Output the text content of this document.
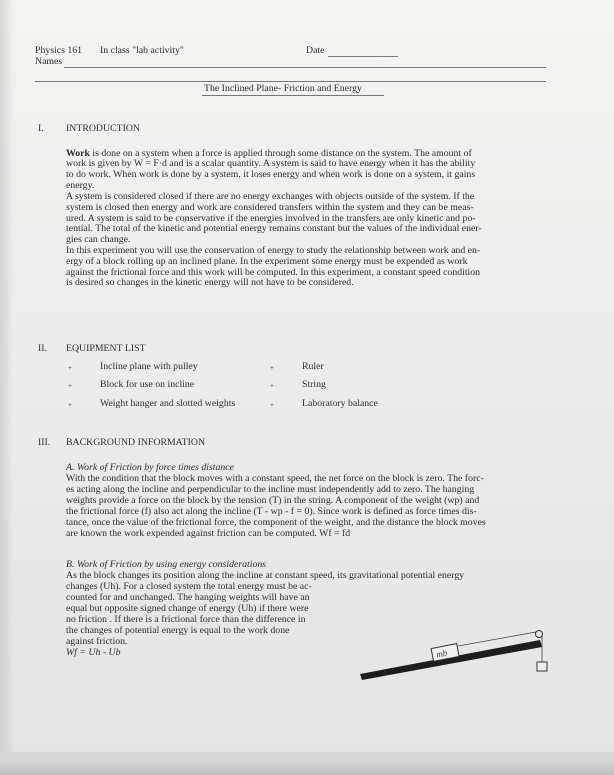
Physics 161 In class "lab activity"	Date
Names
The Inclined Plane- Friction and Energy
I. INTRODUCTION
Work is done on a system when a force is applied through some distance on the system. The amount of
work is given by W = F·d and is a scalar quantity. A system is said to have energy when it has the ability
to do work. When work is done by a system, it loses energy and when work is done on a system, it gains
energy.
A system is considered closed if there are no energy exchanges with objects outside of the system. If the
system is closed then energy and work are considered transfers within the system and they can be meas-
ured. A system is said to be conservative if the energies involved in the transfers are only kinetic and po-
tential. The total of the kinetic and potential energy remains constant but the values of the individual ener-
gies can change.
In this experiment you will use the conservation of energy to study the relationship between work and en-
ergy of a block rolling up an inclined plane. In the experiment some energy must be expended as work
against the frictional force and this work will be computed. In this experiment, a constant speed condition
is desired so changes in the kinetic energy will not have to be considered.
II. EQUIPMENT LIST
+	Incline plane with pulley	+	Ruler
+	Block for use on incline	+	String
+	Weight hanger and slotted weights	+	Laboratory balance
III. BACKGROUND INFORMATION
A. Work of Friction by force times distance
With the condition that the block moves with a constant speed, the net force on the block is zero. The forc-
es acting along the incline and perpendicular to the incline must independently add to zero. The hanging
weights provide a force on the block by the tension (T) in the string. A component of the weight (wp) and
the frictional force (f) also act along the incline (T - wp - f = 0). Since work is defined as force times dis-
tance, once the value of the frictional force, the component of the weight, and the distance the block moves
are known the work expended against friction can be computed. Wf = fd
B. Work of Friction by using energy considerations
As the block changes its position along the incline at constant speed, its gravitational potential energy
changes (Uh). For a closed system the total energy must be ac-
counted for and unchanged. The hanging weights will have an
equal but opposite signed change of energy (Uh) if there were
no friction . If there is a frictional force than the difference in
the changes of potential energy is equal to the work done
against friction.
Wf = Uh - Ub	mb
